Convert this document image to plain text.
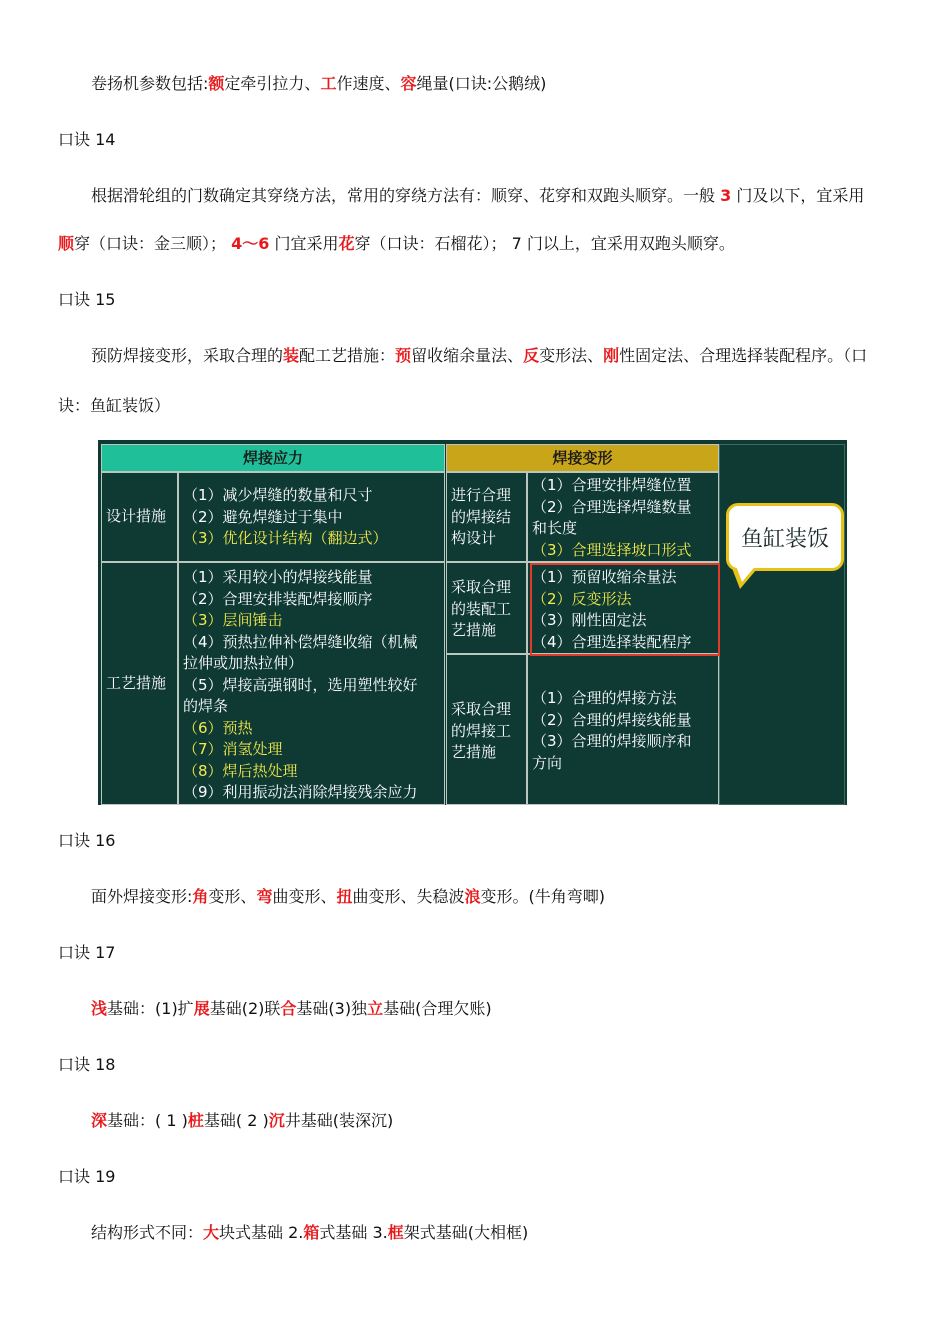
卷扬机参数包括:额定牵引拉力、工作速度、容绳量(口诀:公鹅绒)
口诀 14
根据滑轮组的门数确定其穿绕方法，常用的穿绕方法有：顺穿、花穿和双跑头顺穿。一般 3 门及以下，宜采用
顺穿（口诀：金三顺）； 4～6 门宜采用花穿（口诀：石榴花）； 7 门以上，宜采用双跑头顺穿。
口诀 15
预防焊接变形，采取合理的装配工艺措施：预留收缩余量法、反变形法、刚性固定法、合理选择装配程序。（口
诀：鱼缸装饭）
焊接应力	焊接变形
设计措施
（1）减少焊缝的数量和尺寸
（2）避免焊缝过于集中
（3）优化设计结构（翻边式）
工艺措施
（1）采用较小的焊接线能量
（2）合理安排装配焊接顺序
（3）层间锤击
（4）预热拉伸补偿焊缝收缩（机械
拉伸或加热拉伸）
（5）焊接高强钢时，选用塑性较好
的焊条
（6）预热
（7）消氢处理
（8）焊后热处理
（9）利用振动法消除焊接残余应力
进行合理
的焊接结
构设计
（1）合理安排焊缝位置
（2）合理选择焊缝数量
和长度
（3）合理选择坡口形式
采取合理
的装配工
艺措施
（1）预留收缩余量法
（2）反变形法
（3）刚性固定法
（4）合理选择装配程序
采取合理
的焊接工
艺措施
（1）合理的焊接方法
（2）合理的焊接线能量
（3）合理的焊接顺序和
方向
鱼缸装饭
口诀 16
面外焊接变形:角变形、弯曲变形、扭曲变形、失稳波浪变形。(牛角弯唧)
口诀 17
浅基础：(1)扩展基础(2)联合基础(3)独立基础(合理欠账)
口诀 18
深基础：( 1 )桩基础( 2 )沉井基础(装深沉)
口诀 19
结构形式不同：大块式基础 2.箱式基础 3.框架式基础(大相框)
